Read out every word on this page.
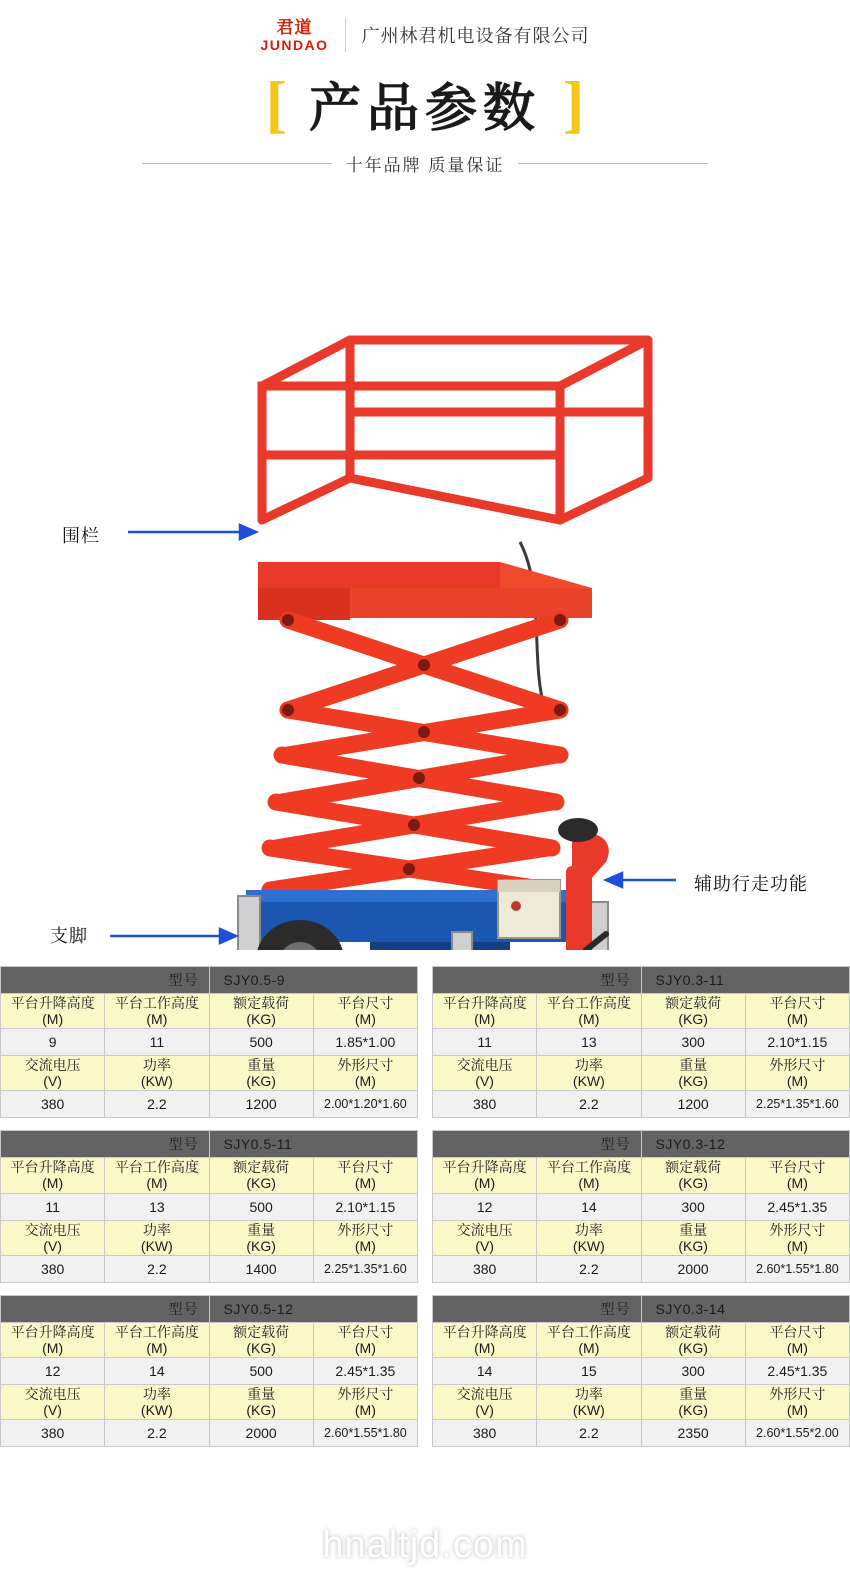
君道
JUNDAO 广州林君机电设备有限公司
[ 产品参数 ]
十年品牌 质量保证
围栏
支脚
辅助行走功能
型号		SJY0.5-9	
平台升降高度
(M)	平台工作高度
(M)	额定载荷
(KG)	平台尺寸
(M)
9	11	500	1.85*1.00
交流电压
(V)	功率
(KW)	重量
(KG)	外形尺寸
(M)
380	2.2	1200	2.00*1.20*1.60
型号		SJY0.3-11	
平台升降高度
(M)	平台工作高度
(M)	额定载荷
(KG)	平台尺寸
(M)
11	13	300	2.10*1.15
交流电压
(V)	功率
(KW)	重量
(KG)	外形尺寸
(M)
380	2.2	1200	2.25*1.35*1.60
型号		SJY0.5-11	
平台升降高度
(M)	平台工作高度
(M)	额定载荷
(KG)	平台尺寸
(M)
11	13	500	2.10*1.15
交流电压
(V)	功率
(KW)	重量
(KG)	外形尺寸
(M)
380	2.2	1400	2.25*1.35*1.60
型号		SJY0.3-12	
平台升降高度
(M)	平台工作高度
(M)	额定载荷
(KG)	平台尺寸
(M)
12	14	300	2.45*1.35
交流电压
(V)	功率
(KW)	重量
(KG)	外形尺寸
(M)
380	2.2	2000	2.60*1.55*1.80
型号		SJY0.5-12	
平台升降高度
(M)	平台工作高度
(M)	额定载荷
(KG)	平台尺寸
(M)
12	14	500	2.45*1.35
交流电压
(V)	功率
(KW)	重量
(KG)	外形尺寸
(M)
380	2.2	2000	2.60*1.55*1.80
型号		SJY0.3-14	
平台升降高度
(M)	平台工作高度
(M)	额定载荷
(KG)	平台尺寸
(M)
14	15	300	2.45*1.35
交流电压
(V)	功率
(KW)	重量
(KG)	外形尺寸
(M)
380	2.2	2350	2.60*1.55*2.00
hnaltjd.com
